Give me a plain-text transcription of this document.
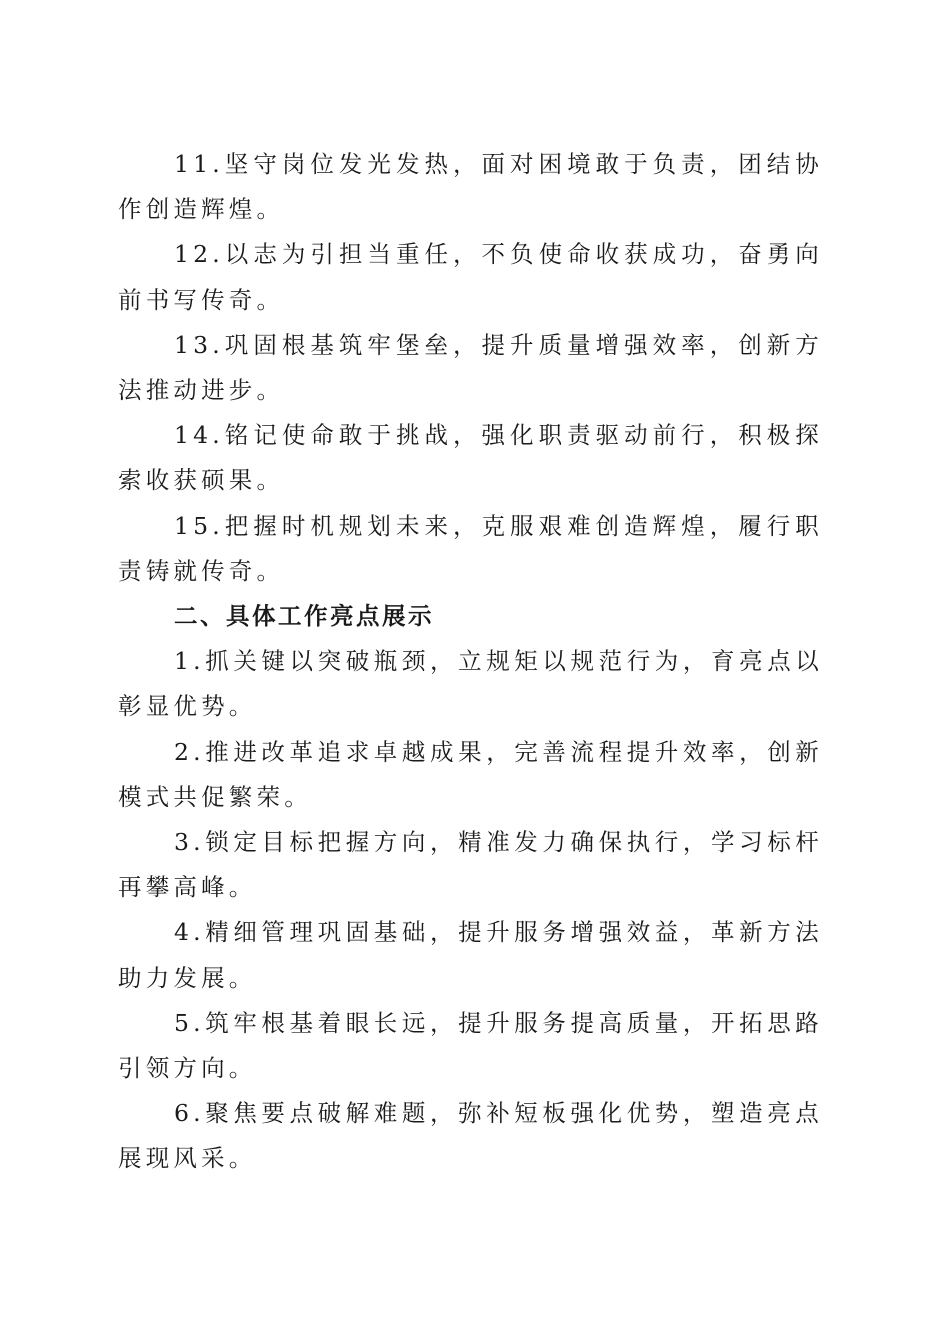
11.坚守岗位发光发热，面对困境敢于负责，团结协作创造辉煌。

12.以志为引担当重任，不负使命收获成功，奋勇向前书写传奇。

13.巩固根基筑牢堡垒，提升质量增强效率，创新方法推动进步。

14.铭记使命敢于挑战，强化职责驱动前行，积极探索收获硕果。

15.把握时机规划未来，克服艰难创造辉煌，履行职责铸就传奇。

二、具体工作亮点展示

1.抓关键以突破瓶颈，立规矩以规范行为，育亮点以彰显优势。

2.推进改革追求卓越成果，完善流程提升效率，创新模式共促繁荣。

3.锁定目标把握方向，精准发力确保执行，学习标杆再攀高峰。

4.精细管理巩固基础，提升服务增强效益，革新方法助力发展。

5.筑牢根基着眼长远，提升服务提高质量，开拓思路引领方向。

6.聚焦要点破解难题，弥补短板强化优势，塑造亮点展现风采。
